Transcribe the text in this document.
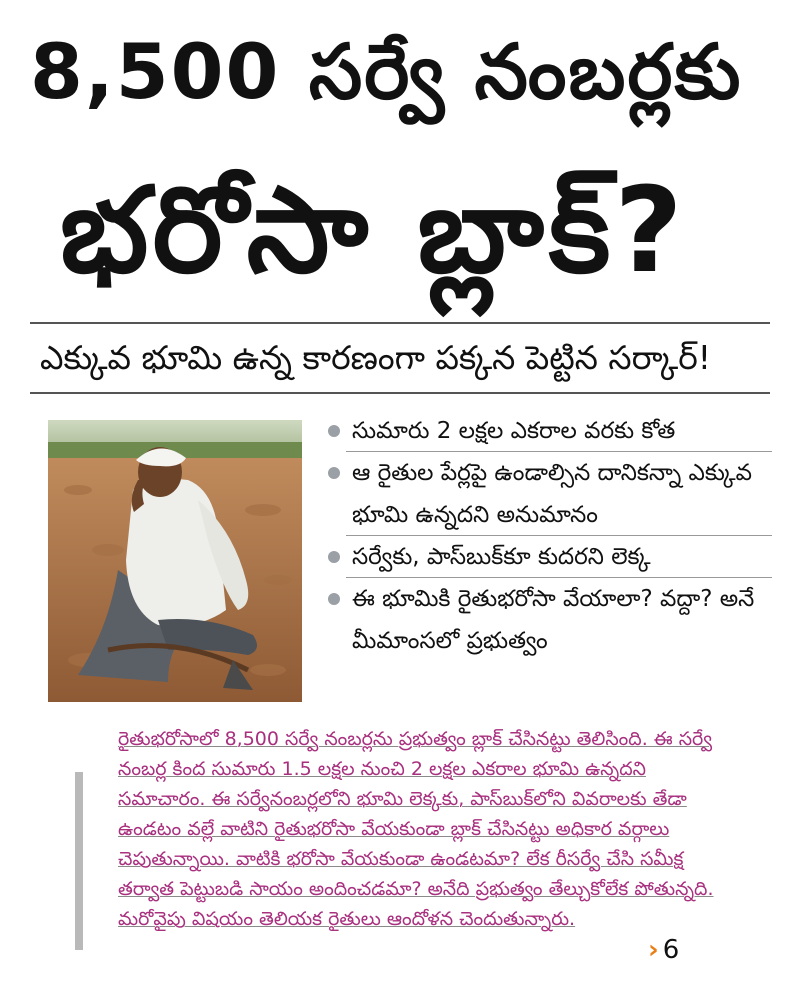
8,500 సర్వే నంబర్లకు
భరోసా బ్లాక్?
ఎక్కువ భూమి ఉన్న కారణంగా పక్కన పెట్టిన సర్కార్!
సుమారు 2 లక్షల ఎకరాల వరకు కోత
ఆ రైతుల పేర్లపై ఉండాల్సిన దానికన్నా ఎక్కువ భూమి ఉన్నదని అనుమానం
సర్వేకు, పాస్‌బుక్‌కూ కుదరని లెక్క
ఈ భూమికి రైతుభరోసా వేయాలా? వద్దా? అనే మీమాంసలో ప్రభుత్వం

రైతుభరోసాలో 8,500 సర్వే నంబర్లను ప్రభుత్వం బ్లాక్ చేసినట్టు తెలిసింది. ఈ సర్వే

నంబర్ల కింద సుమారు 1.5 లక్షల నుంచి 2 లక్షల ఎకరాల భూమి ఉన్నదని

సమాచారం. ఈ సర్వేనంబర్లలోని భూమి లెక్కకు, పాస్‌బుక్‌లోని వివరాలకు తేడా

ఉండటం వల్లే వాటిని రైతుభరోసా వేయకుండా బ్లాక్ చేసినట్టు అధికార వర్గాలు

చెపుతున్నాయి. వాటికి భరోసా వేయకుండా ఉండటమా? లేక రీసర్వే చేసి సమీక్ష

తర్వాత పెట్టుబడి సాయం అందించడమా? అనేది ప్రభుత్వం తేల్చుకోలేక పోతున్నది.

మరోవైపు విషయం తెలియక రైతులు ఆందోళన చెందుతున్నారు.

› 6
